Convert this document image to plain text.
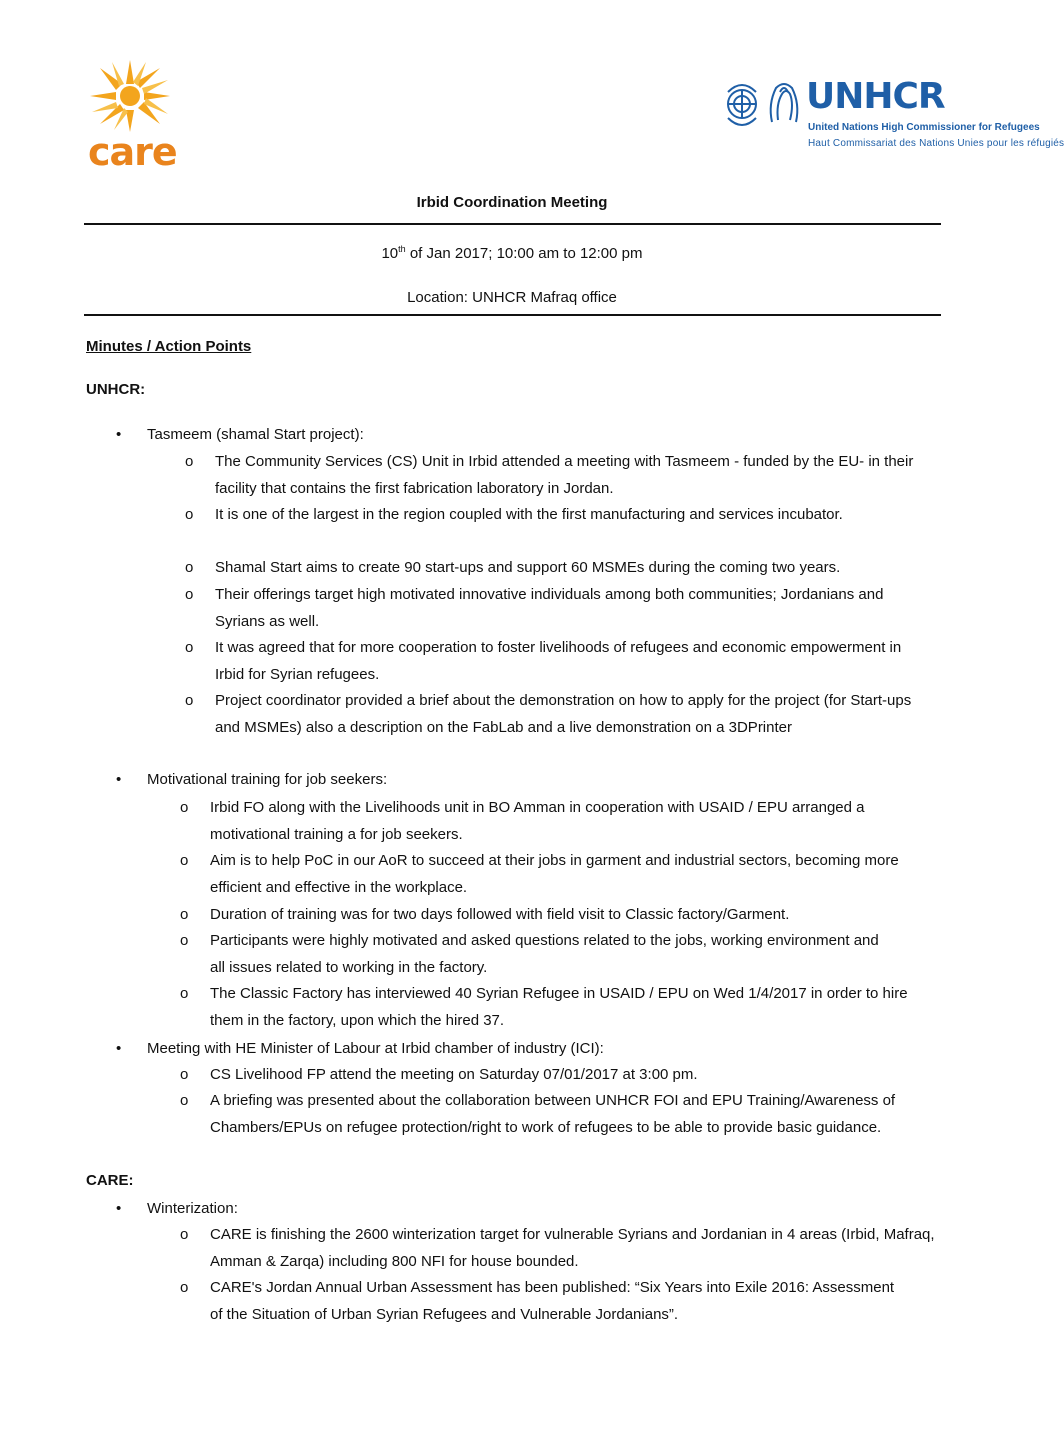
care
UNHCR
United Nations High Commissioner for Refugees
Haut Commissariat des Nations Unies pour les réfugiés
Irbid Coordination Meeting
10th of Jan 2017; 10:00 am to 12:00 pm
Location: UNHCR Mafraq office
Minutes / Action Points
UNHCR:
• Tasmeem (shamal Start project):
o The Community Services (CS) Unit in Irbid attended a meeting with Tasmeem - funded by the EU- in their facility that contains the first fabrication laboratory in Jordan.
o It is one of the largest in the region coupled with the first manufacturing and services incubator.
o Shamal Start aims to create 90 start-ups and support 60 MSMEs during the coming two years.
o Their offerings target high motivated innovative individuals among both communities; Jordanians and Syrians as well.
o It was agreed that for more cooperation to foster livelihoods of refugees and economic empowerment in Irbid for Syrian refugees.
o Project coordinator provided a brief about the demonstration on how to apply for the project (for Start-ups and MSMEs) also a description on the FabLab and a live demonstration on a 3DPrinter
• Motivational training for job seekers:
o Irbid FO along with the Livelihoods unit in BO Amman in cooperation with USAID / EPU arranged a motivational training a for job seekers.
o Aim is to help PoC in our AoR to succeed at their jobs in garment and industrial sectors, becoming more efficient and effective in the workplace.
o Duration of training was for two days followed with field visit to Classic factory/Garment.
o Participants were highly motivated and asked questions related to the jobs, working environment and all issues related to working in the factory.
o The Classic Factory has interviewed 40 Syrian Refugee in USAID / EPU on Wed 1/4/2017 in order to hire them in the factory, upon which the hired 37.
• Meeting with HE Minister of Labour at Irbid chamber of industry (ICI):
o CS Livelihood FP attend the meeting on Saturday 07/01/2017 at 3:00 pm.
o A briefing was presented about the collaboration between UNHCR FOI and EPU Training/Awareness of Chambers/EPUs on refugee protection/right to work of refugees to be able to provide basic guidance.
CARE:
• Winterization:
o CARE is finishing the 2600 winterization target for vulnerable Syrians and Jordanian in 4 areas (Irbid, Mafraq, Amman & Zarqa) including 800 NFI for house bounded.
o CARE's Jordan Annual Urban Assessment has been published: “Six Years into Exile 2016: Assessment of the Situation of Urban Syrian Refugees and Vulnerable Jordanians”.
